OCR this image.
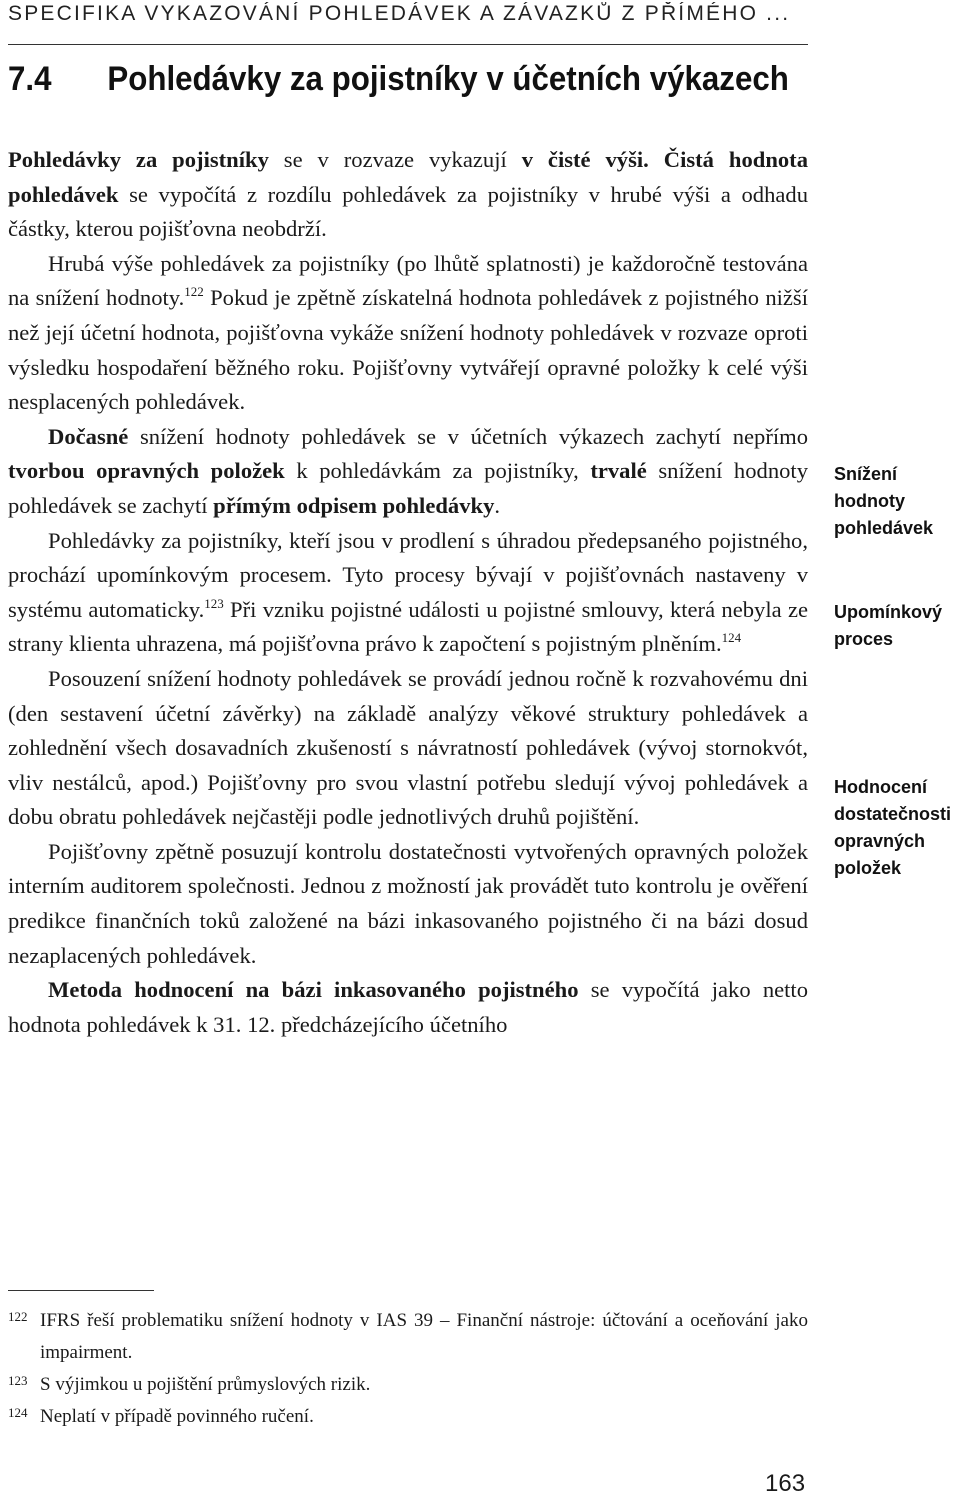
SPECIFIKA VYKAZOVÁNÍ POHLEDÁVEK A ZÁVAZKŮ Z PŘÍMÉHO ...
7.4 Pohledávky za pojistníky v účetních výkazech

Pohledávky za pojistníky se v rozvaze vykazují v čisté výši. Čistá hodnota pohledávek se vypočítá z rozdílu pohledávek za pojistníky v hrubé výši a odhadu částky, kterou pojišťovna neobdrží.

Hrubá výše pohledávek za pojistníky (po lhůtě splatnosti) je každoročně testována na snížení hodnoty.$^{122}$ Pokud je zpětně získatelná hodnota pohledávek z pojistného nižší než její účetní hodnota, pojišťovna vykáže snížení hodnoty pohledávek v rozvaze oproti výsledku hospodaření běžného roku. Pojišťovny vytvářejí opravné položky k celé výši nesplacených pohledávek.

Dočasné snížení hodnoty pohledávek se v účetních výkazech zachytí nepřímo tvorbou opravných položek k pohledávkám za pojistníky, trvalé snížení hodnoty pohledávek se zachytí přímým odpisem pohledávky.

Pohledávky za pojistníky, kteří jsou v prodlení s úhradou předepsaného pojistného, prochází upomínkovým procesem. Tyto procesy bývají v pojišťovnách nastaveny v systému automaticky.$^{123}$ Při vzniku pojistné události u pojistné smlouvy, která nebyla ze strany klienta uhrazena, má pojišťovna právo k započtení s pojistným plněním.$^{124}$

Posouzení snížení hodnoty pohledávek se provádí jednou ročně k rozvahovému dni (den sestavení účetní závěrky) na základě analýzy věkové struktury pohledávek a zohlednění všech dosavadních zkušeností s návratností pohledávek (vývoj stornokvót, vliv nestálců, apod.) Pojišťovny pro svou vlastní potřebu sledují vývoj pohledávek a dobu obratu pohledávek nejčastěji podle jednotlivých druhů pojištění.

Pojišťovny zpětně posuzují kontrolu dostatečnosti vytvořených opravných položek interním auditorem společnosti. Jednou z možností jak provádět tuto kontrolu je ověření predikce finančních toků založené na bázi inkasovaného pojistného či na bázi dosud nezaplacených pohledávek.

Metoda hodnocení na bázi inkasovaného pojistného se vypočítá jako netto hodnota pohledávek k 31. 12. předcházejícího účetního

Snížení
hodnoty
pohledávek
Upomínkový
proces
Hodnocení
dostatečnosti
opravných
položek
122 IFRS řeší problematiku snížení hodnoty v IAS 39 – Finanční nástroje: účtování a oceňování jako impairment.
123 S výjimkou u pojištění průmyslových rizik.
124 Neplatí v případě povinného ručení.
163
